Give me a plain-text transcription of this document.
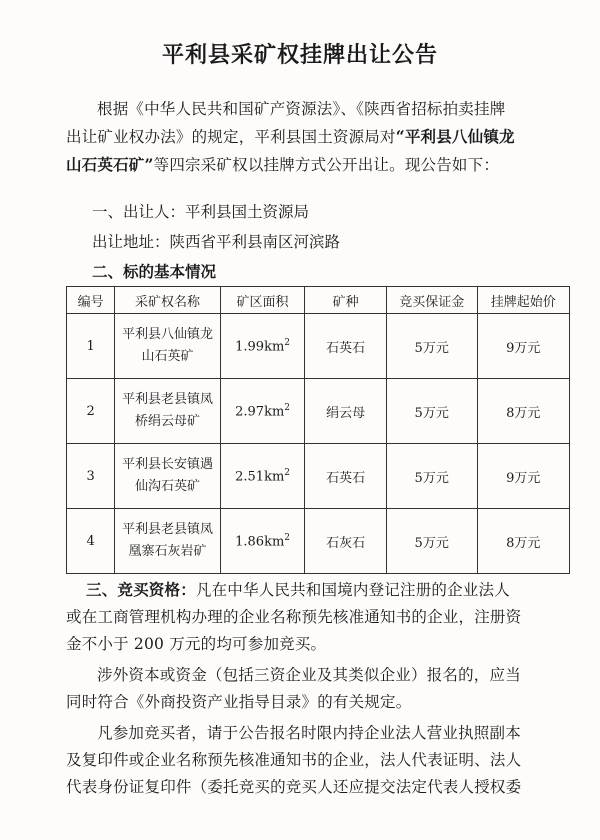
平利县采矿权挂牌出让公告
根据《中华人民共和国矿产资源法》、《陕西省招标拍卖挂牌
出让矿业权办法》的规定，平利县国土资源局对“平利县八仙镇龙
山石英石矿”等四宗采矿权以挂牌方式公开出让。现公告如下：
一、出让人：平利县国土资源局
出让地址：陕西省平利县南区河滨路
二、标的基本情况
编号	采矿权名称	矿区面积	矿种	竞买保证金	挂牌起始价
1	平利县八仙镇龙
山石英矿	$1.99km^2$	石英石	5万元	9万元
2	平利县老县镇凤
桥绢云母矿	$2.97km^2$	绢云母	5万元	8万元
3	平利县长安镇遇
仙沟石英矿	$2.51km^2$	石英石	5万元	9万元
4	平利县老县镇凤
凰寨石灰岩矿	$1.86km^2$	石灰石	5万元	8万元
三、竞买资格：凡在中华人民共和国境内登记注册的企业法人
或在工商管理机构办理的企业名称预先核准通知书的企业，注册资
金不小于 200 万元的均可参加竞买。
涉外资本或资金（包括三资企业及其类似企业）报名的，应当
同时符合《外商投资产业指导目录》的有关规定。
凡参加竞买者，请于公告报名时限内持企业法人营业执照副本
及复印件或企业名称预先核准通知书的企业，法人代表证明、法人
代表身份证复印件（委托竞买的竞买人还应提交法定代表人授权委
